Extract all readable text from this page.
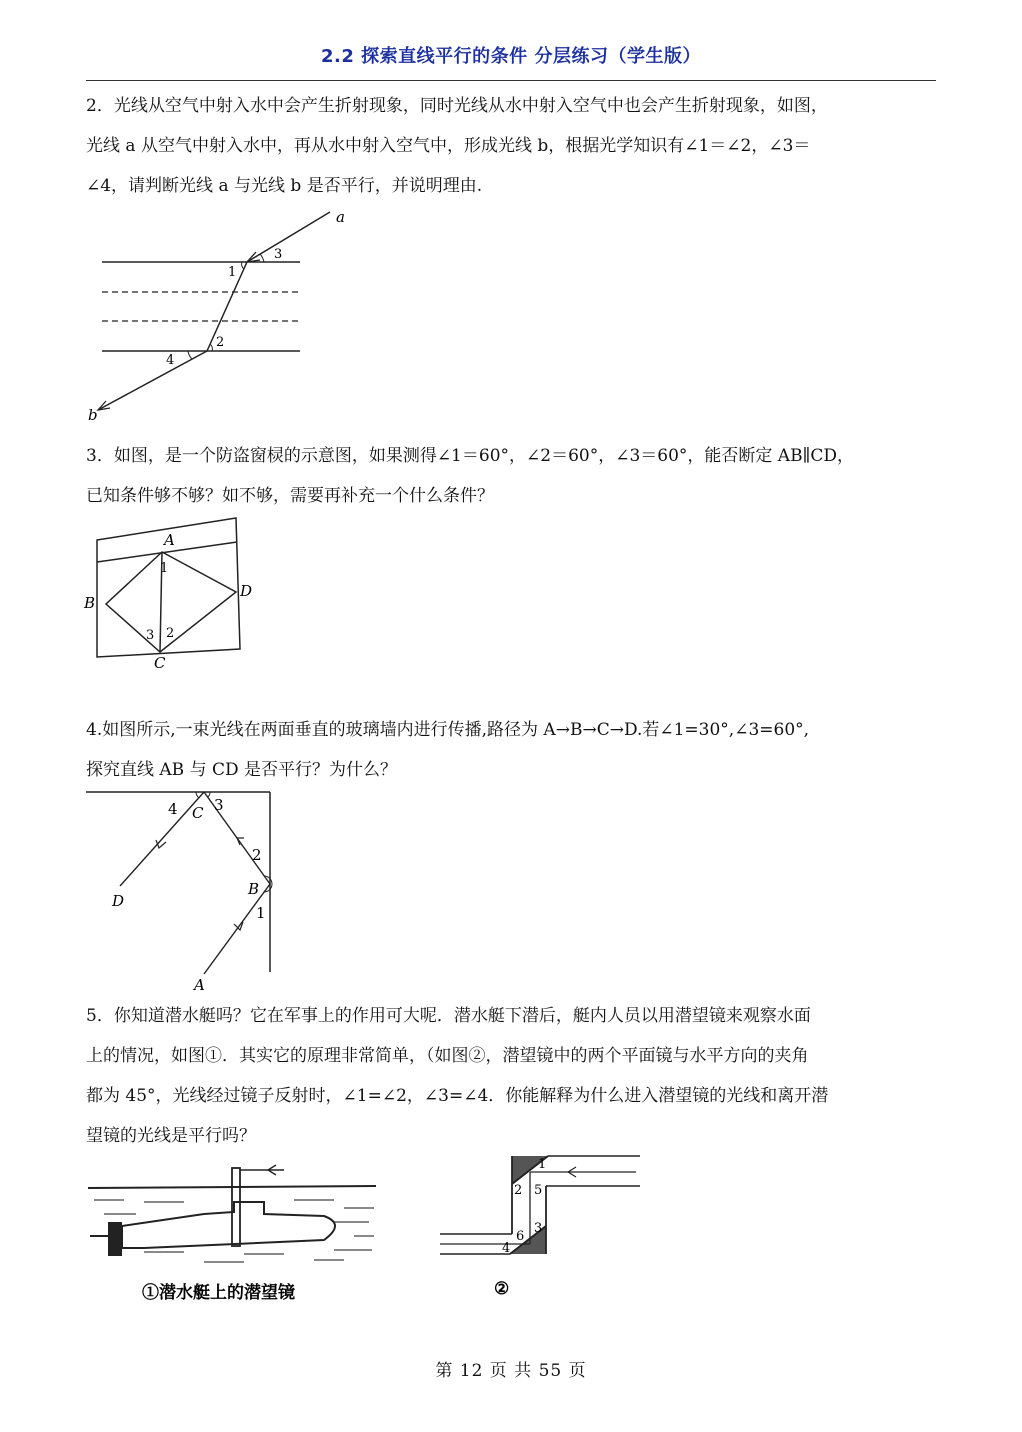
2.2 探索直线平行的条件 分层练习（学生版）
2．光线从空气中射入水中会产生折射现象，同时光线从水中射入空气中也会产生折射现象，如图，
光线 a 从空气中射入水中，再从水中射入空气中，形成光线 b，根据光学知识有∠1＝∠2，∠3＝
∠4，请判断光线 a 与光线 b 是否平行，并说明理由.
a
b
3
1
2
4
3．如图，是一个防盗窗棂的示意图，如果测得∠1＝60°，∠2＝60°，∠3＝60°，能否断定 AB∥CD，
已知条件够不够？如不够，需要再补充一个什么条件？
A
B
C
D
1
2
3
4.如图所示,一束光线在两面垂直的玻璃墙内进行传播,路径为 A→B→C→D.若∠1=30°,∠3=60°,
探究直线 AB 与 CD 是否平行？为什么？
4 3
C
2
B
1
D
A
5．你知道潜水艇吗？它在军事上的作用可大呢．潜水艇下潜后，艇内人员以用潜望镜来观察水面
上的情况，如图①．其实它的原理非常简单，（如图②，潜望镜中的两个平面镜与水平方向的夹角
都为 45°，光线经过镜子反射时，∠1=∠2，∠3=∠4．你能解释为什么进入潜望镜的光线和离开潜
望镜的光线是平行吗？
①潜水艇上的潜望镜
1
2 5
3
6
4
②
第 12 页 共 55 页
